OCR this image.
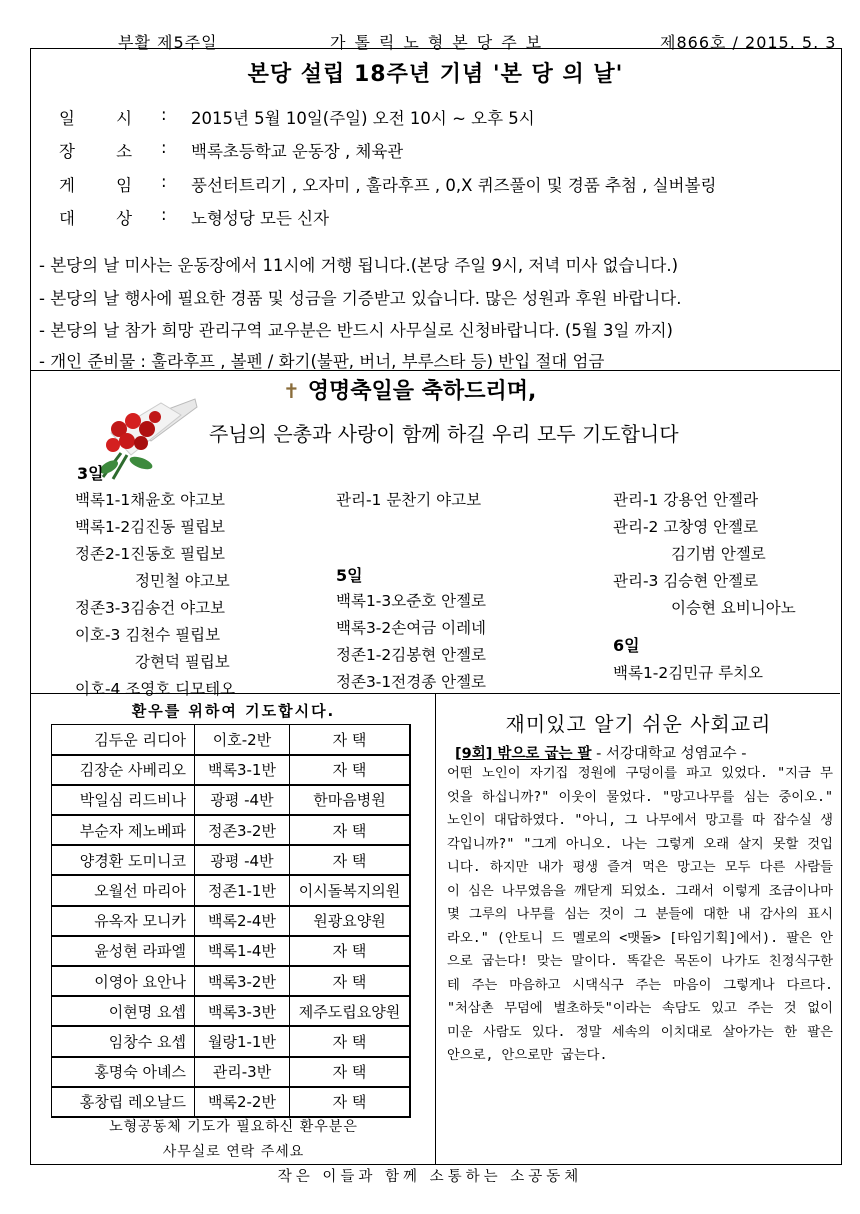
부활 제5주일	가톨릭노형본당주보	제866호 / 2015. 5. 3
본당 설립 18주년 기념 '본 당 의 날'
일 시 :	2015년 5월 10일(주일) 오전 10시 ~ 오후 5시
장 소 :	백록초등학교 운동장 , 체육관
게 임 :	풍선터트리기 , 오자미 , 훌라후프 , 0,X 퀴즈풀이 및 경품 추첨 , 실버볼링
대 상 :	노형성당 모든 신자
- 본당의 날 미사는 운동장에서 11시에 거행 됩니다.(본당 주일 9시, 저녁 미사 없습니다.)
- 본당의 날 행사에 필요한 경품 및 성금을 기증받고 있습니다. 많은 성원과 후원 바랍니다.
- 본당의 날 참가 희망 관리구역 교우분은 반드시 사무실로 신청바랍니다. (5월 3일 까지)
- 개인 준비물 : 훌라후프 , 볼펜 / 화기(불판, 버너, 부루스타 등) 반입 절대 엄금
✝ 영명축일을 축하드리며,
주님의 은총과 사랑이 함께 하길 우리 모두 기도합니다
3일
백록1-1채윤호 야고보
백록1-2김진동 필립보
정존2-1진동호 필립보
정민철 야고보
정존3-3김송건 야고보
이호-3 김천수 필립보
강현덕 필립보
이호-4 조영호 디모테오
관리-1 문찬기 야고보
5일
백록1-3오준호 안젤로
백록3-2손여금 이레네
정존1-2김봉현 안젤로
정존3-1전경종 안젤로
관리-1 강용언 안젤라
관리-2 고창영 안젤로
김기범 안젤로
관리-3 김승현 안젤로
이승현 요비니아노
6일
백록1-2김민규 루치오
환우를 위하여 기도합시다.
김두운 리디아	이호-2반	자 택
김장순 사베리오	백록3-1반	자 택
박일심 리드비나	광평 -4반	한마음병원
부순자 제노베파	정존3-2반	자 택
양경환 도미니코	광평 -4반	자 택
오월선 마리아	정존1-1반	이시돌복지의원
유옥자 모니카	백록2-4반	원광요양원
윤성현 라파엘	백록1-4반	자 택
이영아 요안나	백록3-2반	자 택
이현명 요셉	백록3-3반	제주도립요양원
임창수 요셉	월랑1-1반	자 택
홍명숙 아녜스	관리-3반	자 택
홍창립 레오날드	백록2-2반	자 택
노형공동체 기도가 필요하신 환우분은
사무실로 연락 주세요
재미있고 알기 쉬운 사회교리
[9회] 밖으로 굽는 팔 - 서강대학교 성염교수 -
어떤 노인이 자기집 정원에 구덩이를 파고 있었다. "지금 무엇을 하십니까?" 이웃이 물었다. "망고나무를 심는 중이오." 노인이 대답하였다. "아니, 그 나무에서 망고를 따 잡수실 생각입니까?" "그게 아니오. 나는 그렇게 오래 살지 못할 것입니다. 하지만 내가 평생 즐겨 먹은 망고는 모두 다른 사람들이 심은 나무였음을 깨닫게 되었소. 그래서 이렇게 조금이나마 몇 그루의 나무를 심는 것이 그 분들에 대한 내 감사의 표시라오." (안토니 드 멜로의 <맷돌> [타임기획]에서). 팔은 안으로 굽는다! 맞는 말이다. 똑같은 목돈이 나가도 친정식구한테 주는 마음하고 시댁식구 주는 마음이 그렇게나 다르다. "처삼촌 무덤에 벌초하듯"이라는 속담도 있고 주는 것 없이 미운 사람도 있다. 정말 세속의 이치대로 살아가는 한 팔은 안으로, 안으로만 굽는다.
작은 이들과 함께 소통하는 소공동체
